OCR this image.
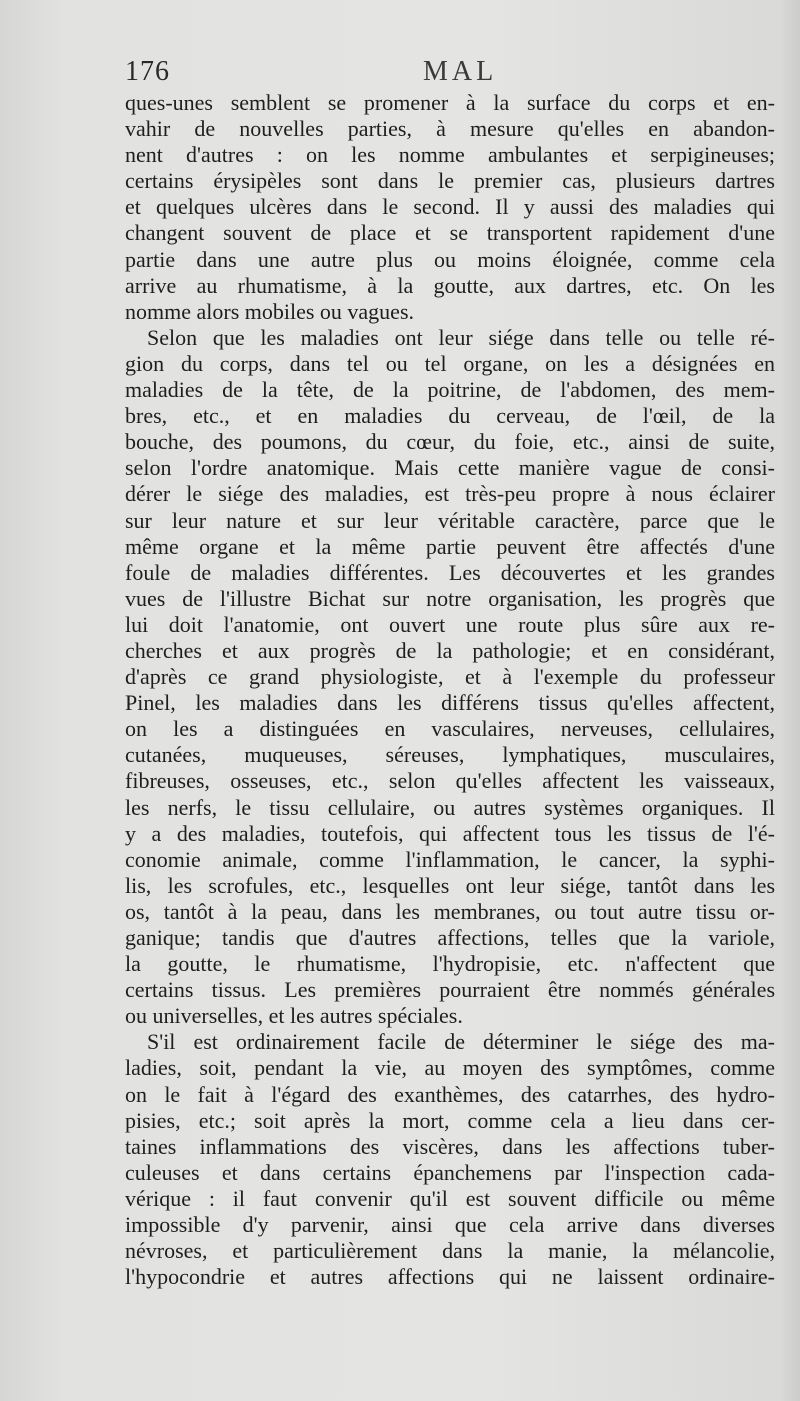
176	MAL
ques-unes semblent se promener à la surface du corps et en-
vahir de nouvelles parties, à mesure qu'elles en abandon-
nent d'autres : on les nomme ambulantes et serpigineuses;
certains érysipèles sont dans le premier cas, plusieurs dartres
et quelques ulcères dans le second. Il y aussi des maladies qui
changent souvent de place et se transportent rapidement d'une
partie dans une autre plus ou moins éloignée, comme cela
arrive au rhumatisme, à la goutte, aux dartres, etc. On les
nomme alors mobiles ou vagues.
Selon que les maladies ont leur siége dans telle ou telle ré-
gion du corps, dans tel ou tel organe, on les a désignées en
maladies de la tête, de la poitrine, de l'abdomen, des mem-
bres, etc., et en maladies du cerveau, de l'œil, de la
bouche, des poumons, du cœur, du foie, etc., ainsi de suite,
selon l'ordre anatomique. Mais cette manière vague de consi-
dérer le siége des maladies, est très-peu propre à nous éclairer
sur leur nature et sur leur véritable caractère, parce que le
même organe et la même partie peuvent être affectés d'une
foule de maladies différentes. Les découvertes et les grandes
vues de l'illustre Bichat sur notre organisation, les progrès que
lui doit l'anatomie, ont ouvert une route plus sûre aux re-
cherches et aux progrès de la pathologie; et en considérant,
d'après ce grand physiologiste, et à l'exemple du professeur
Pinel, les maladies dans les différens tissus qu'elles affectent,
on les a distinguées en vasculaires, nerveuses, cellulaires,
cutanées, muqueuses, séreuses, lymphatiques, musculaires,
fibreuses, osseuses, etc., selon qu'elles affectent les vaisseaux,
les nerfs, le tissu cellulaire, ou autres systèmes organiques. Il
y a des maladies, toutefois, qui affectent tous les tissus de l'é-
conomie animale, comme l'inflammation, le cancer, la syphi-
lis, les scrofules, etc., lesquelles ont leur siége, tantôt dans les
os, tantôt à la peau, dans les membranes, ou tout autre tissu or-
ganique; tandis que d'autres affections, telles que la variole,
la goutte, le rhumatisme, l'hydropisie, etc. n'affectent que
certains tissus. Les premières pourraient être nommés générales
ou universelles, et les autres spéciales.
S'il est ordinairement facile de déterminer le siége des ma-
ladies, soit, pendant la vie, au moyen des symptômes, comme
on le fait à l'égard des exanthèmes, des catarrhes, des hydro-
pisies, etc.; soit après la mort, comme cela a lieu dans cer-
taines inflammations des viscères, dans les affections tuber-
culeuses et dans certains épanchemens par l'inspection cada-
vérique : il faut convenir qu'il est souvent difficile ou même
impossible d'y parvenir, ainsi que cela arrive dans diverses
névroses, et particulièrement dans la manie, la mélancolie,
l'hypocondrie et autres affections qui ne laissent ordinaire-
